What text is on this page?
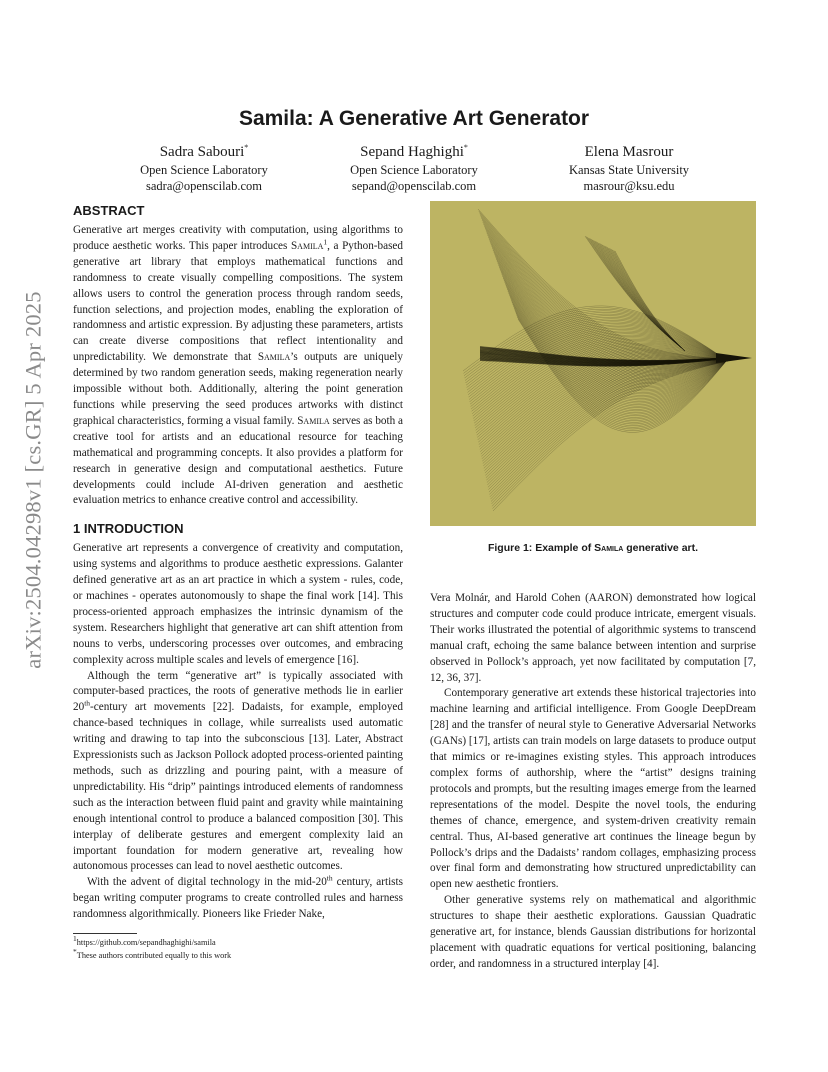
arXiv:2504.04298v1 [cs.GR] 5 Apr 2025
Samila: A Generative Art Generator
Sadra Sabouri*
Open Science Laboratory
sadra@openscilab.com
Sepand Haghighi*
Open Science Laboratory
sepand@openscilab.com
Elena Masrour
Kansas State University
masrour@ksu.edu
ABSTRACT

Generative art merges creativity with computation, using algorithms to produce aesthetic works. This paper introduces Samila$^1$, a Python-based generative art library that employs mathematical functions and randomness to create visually compelling compositions. The system allows users to control the generation process through random seeds, function selections, and projection modes, enabling the exploration of randomness and artistic expression. By adjusting these parameters, artists can create diverse compositions that reflect intentionality and unpredictability. We demonstrate that Samila’s outputs are uniquely determined by two random generation seeds, making regeneration nearly impossible without both. Additionally, altering the point generation functions while preserving the seed produces artworks with distinct graphical characteristics, forming a visual family. Samila serves as both a creative tool for artists and an educational resource for teaching mathematical and programming concepts. It also provides a platform for research in generative design and computational aesthetics. Future developments could include AI-driven generation and aesthetic evaluation metrics to enhance creative control and accessibility.

1 INTRODUCTION

Generative art represents a convergence of creativity and computation, using systems and algorithms to produce aesthetic expressions. Galanter defined generative art as an art practice in which a system - rules, code, or machines - operates autonomously to shape the final work [14]. This process-oriented approach emphasizes the intrinsic dynamism of the system. Researchers highlight that generative art can shift attention from nouns to verbs, underscoring processes over outcomes, and embracing complexity across multiple scales and levels of emergence [16].

Although the term “generative art” is typically associated with computer-based practices, the roots of generative methods lie in earlier 20th-century art movements [22]. Dadaists, for example, employed chance-based techniques in collage, while surrealists used automatic writing and drawing to tap into the subconscious [13]. Later, Abstract Expressionists such as Jackson Pollock adopted process-oriented painting methods, such as drizzling and pouring paint, with a measure of unpredictability. His “drip” paintings introduced elements of randomness such as the interaction between fluid paint and gravity while maintaining enough intentional control to produce a balanced composition [30]. This interplay of deliberate gestures and emergent complexity laid an important foundation for modern generative art, revealing how autonomous processes can lead to novel aesthetic outcomes.

With the advent of digital technology in the mid-20th century, artists began writing computer programs to create controlled rules and harness randomness algorithmically. Pioneers like Frieder Nake,

$^1$https://github.com/sepandhaghighi/samila
*These authors contributed equally to this work
Figure 1: Example of Samila generative art.

Vera Molnár, and Harold Cohen (AARON) demonstrated how logical structures and computer code could produce intricate, emergent visuals. Their works illustrated the potential of algorithmic systems to transcend manual craft, echoing the same balance between intention and surprise observed in Pollock’s approach, yet now facilitated by computation [7, 12, 36, 37].

Contemporary generative art extends these historical trajectories into machine learning and artificial intelligence. From Google DeepDream [28] and the transfer of neural style to Generative Adversarial Networks (GANs) [17], artists can train models on large datasets to produce output that mimics or re-imagines existing styles. This approach introduces complex forms of authorship, where the “artist” designs training protocols and prompts, but the resulting images emerge from the learned representations of the model. Despite the novel tools, the enduring themes of chance, emergence, and system-driven creativity remain central. Thus, AI-based generative art continues the lineage begun by Pollock’s drips and the Dadaists’ random collages, emphasizing process over final form and demonstrating how structured unpredictability can open new aesthetic frontiers.

Other generative systems rely on mathematical and algorithmic structures to shape their aesthetic explorations. Gaussian Quadratic generative art, for instance, blends Gaussian distributions for horizontal placement with quadratic equations for vertical positioning, balancing order, and randomness in a structured interplay [4].
